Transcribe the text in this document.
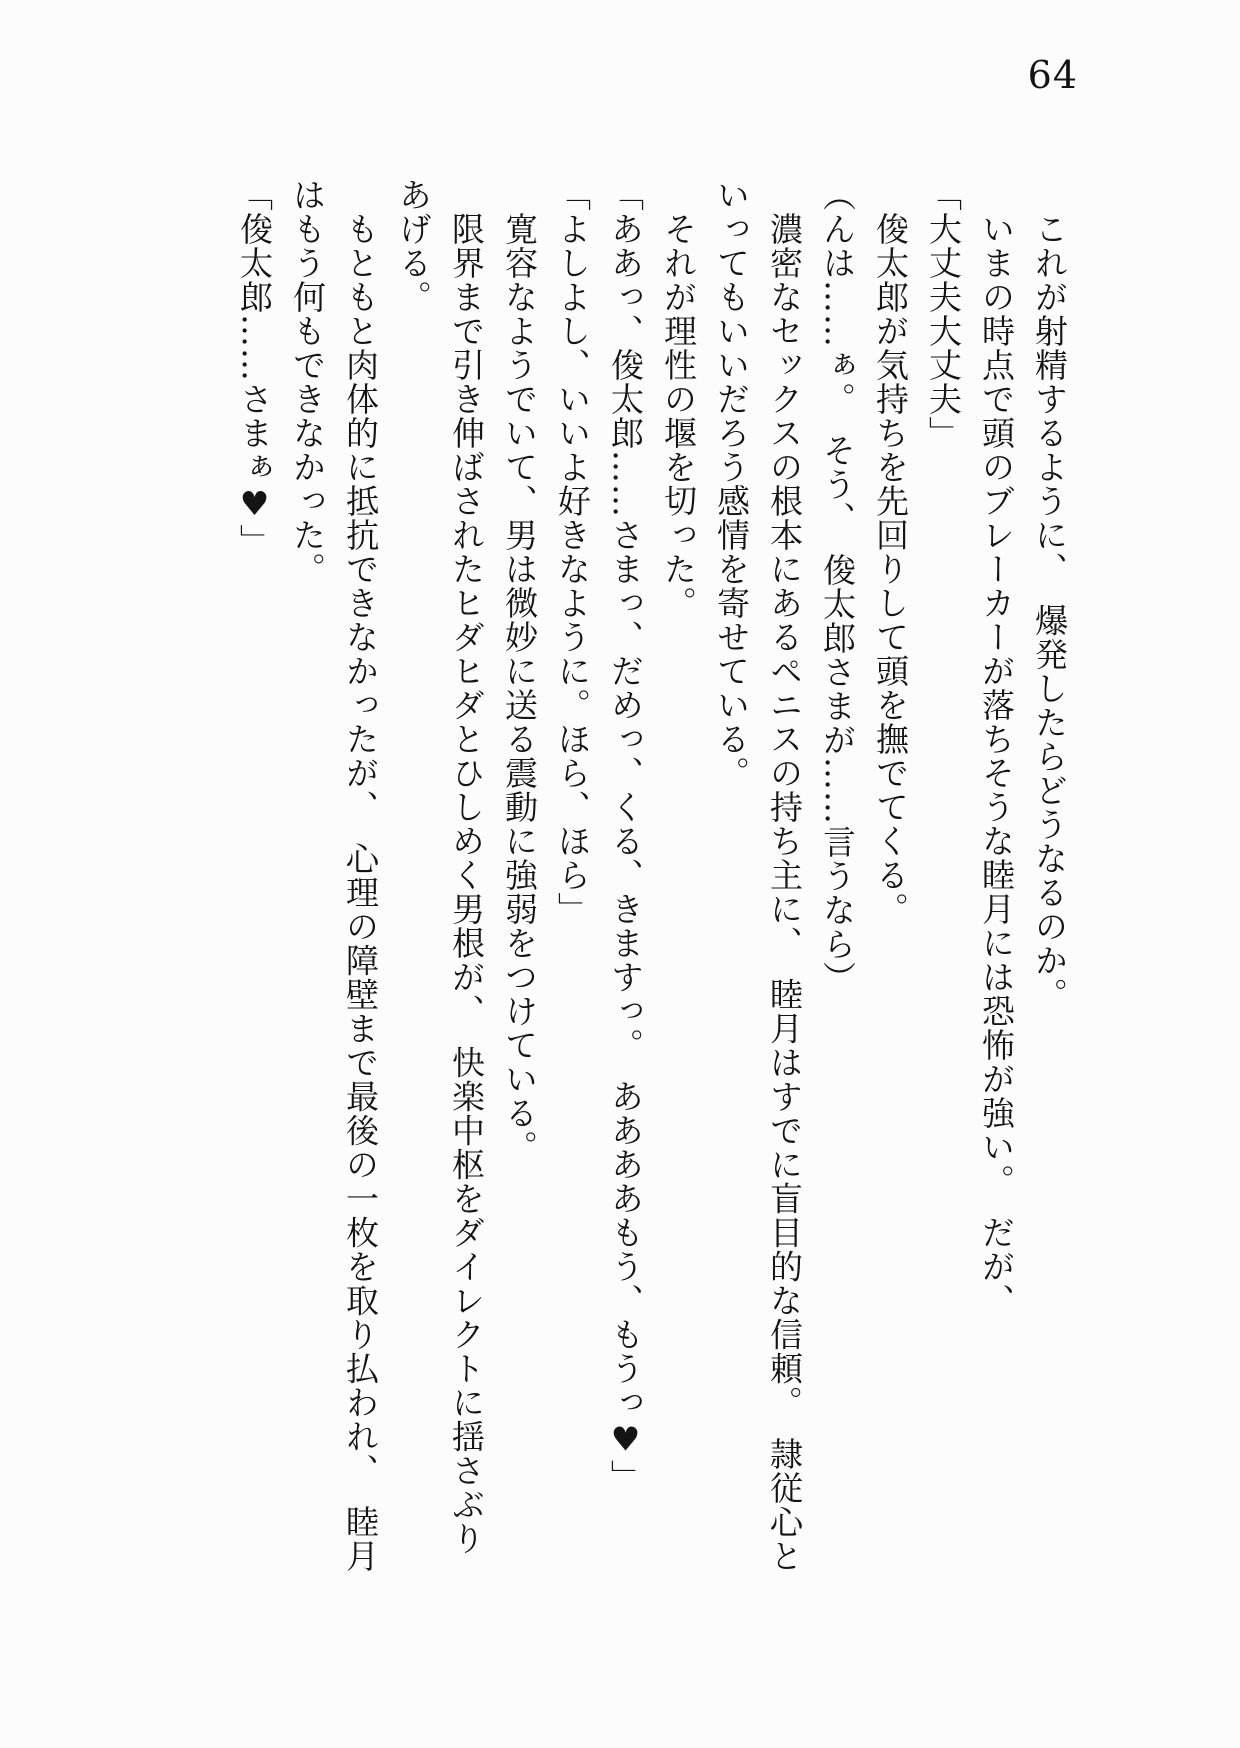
64
これが射精するように、　爆発したらどうなるのか。
いまの時点で頭のブレーカーが落ちそうな睦月には恐怖が強い。　だが、
「大丈夫大丈夫」
俊太郎が気持ちを先回りして頭を撫でてくる。
（んは……ぁ。　そう、　俊太郎さまが……言うなら）
濃密なセックスの根本にあるペニスの持ち主に、　睦月はすでに盲目的な信頼。　隷従心と
いってもいいだろう感情を寄せている。
それが理性の堰を切った。
「ああっ、俊太郎……さまっ、だめっ、くる、きますっ。　ああああもう、もうっ♥」
「よしよし、いいよ好きなように。ほら、ほら」
寛容なようでいて、男は微妙に送る震動に強弱をつけている。
限界まで引き伸ばされたヒダヒダとひしめく男根が、　快楽中枢をダイレクトに揺さぶり
あげる。
もともと肉体的に抵抗できなかったが、　心理の障壁まで最後の一枚を取り払われ、　睦月
はもう何もできなかった。
「俊太郎……さまぁ♥」
